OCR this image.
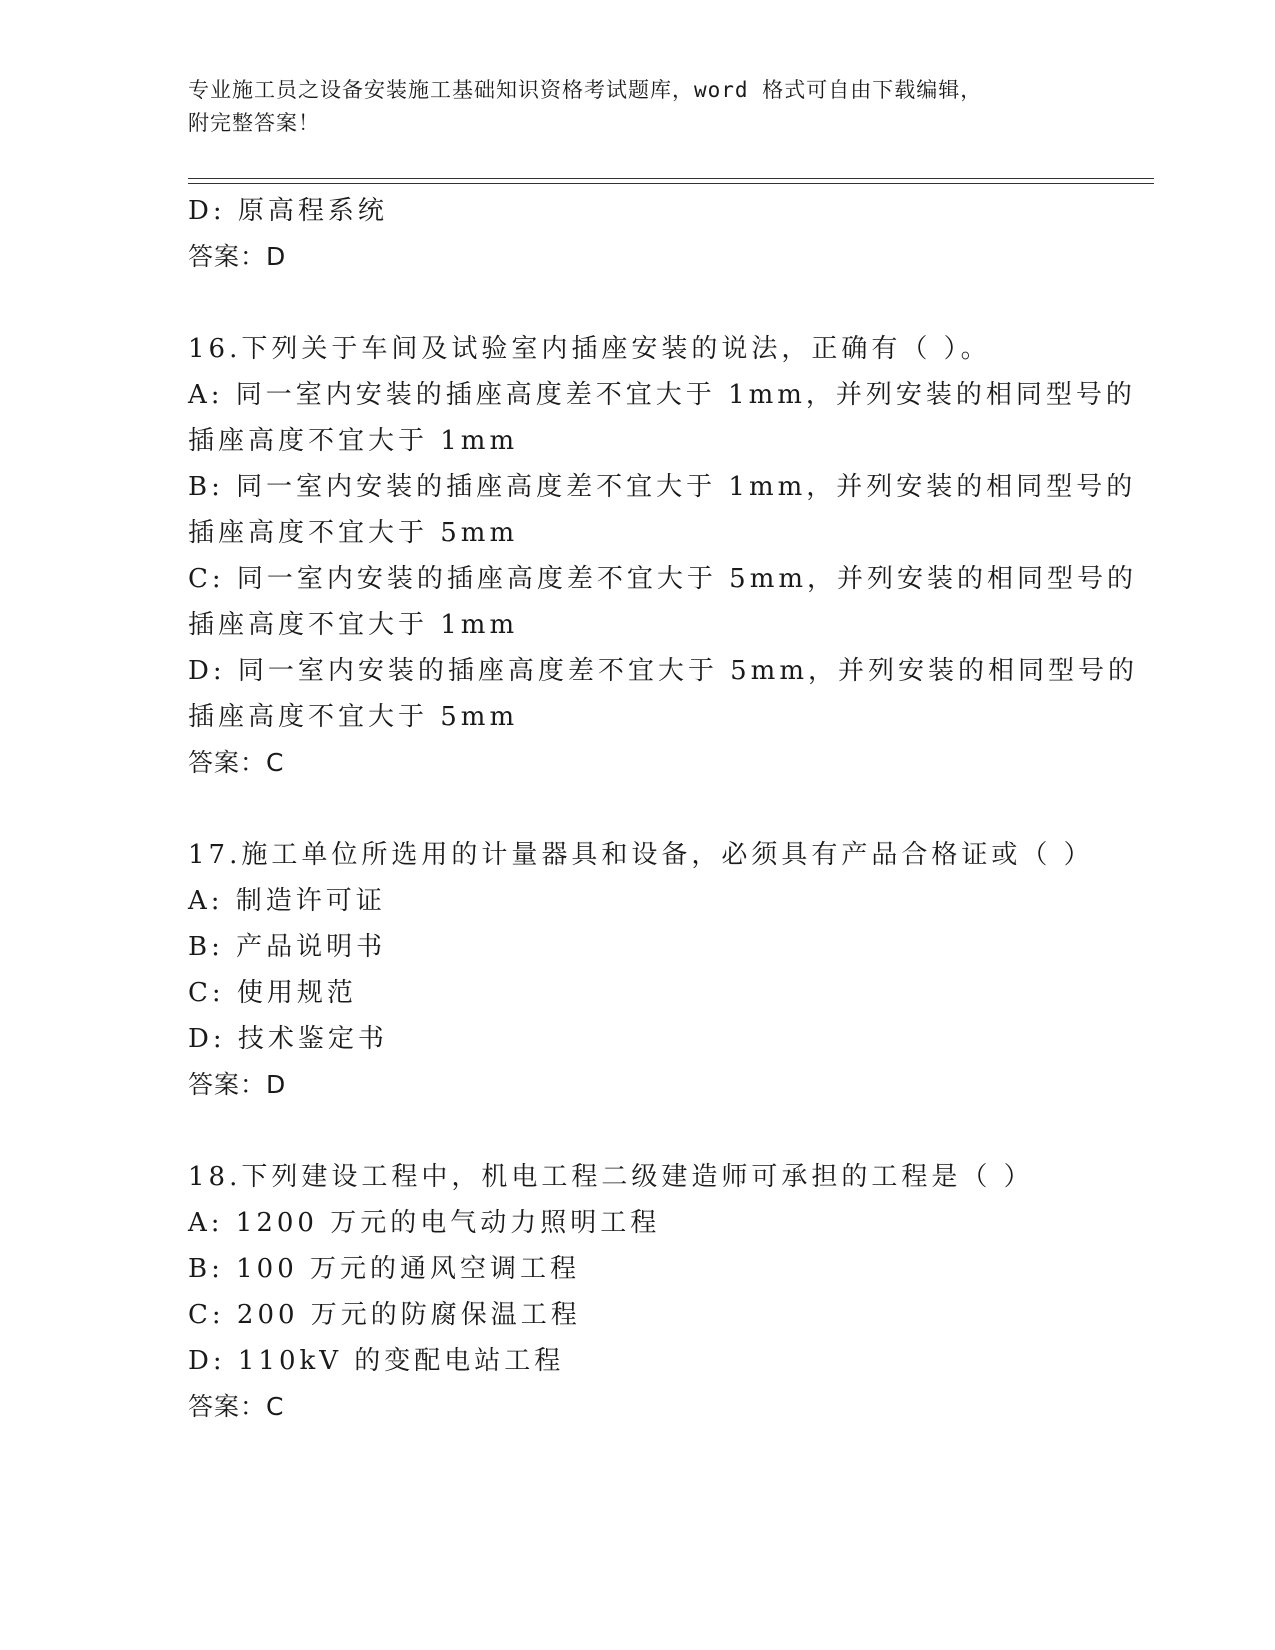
专业施工员之设备安装施工基础知识资格考试题库，word 格式可自由下载编辑，
附完整答案！
D: 原高程系统
答案：D
16.下列关于车间及试验室内插座安装的说法，正确有（ ）。
A: 同一室内安装的插座高度差不宜大于 1mm，并列安装的相同型号的
插座高度不宜大于 1mm
B: 同一室内安装的插座高度差不宜大于 1mm，并列安装的相同型号的
插座高度不宜大于 5mm
C: 同一室内安装的插座高度差不宜大于 5mm，并列安装的相同型号的
插座高度不宜大于 1mm
D: 同一室内安装的插座高度差不宜大于 5mm，并列安装的相同型号的
插座高度不宜大于 5mm
答案：C
17.施工单位所选用的计量器具和设备，必须具有产品合格证或（ ）
A: 制造许可证
B: 产品说明书
C: 使用规范
D: 技术鉴定书
答案：D
18.下列建设工程中，机电工程二级建造师可承担的工程是（ ）
A: 1200 万元的电气动力照明工程
B: 100 万元的通风空调工程
C: 200 万元的防腐保温工程
D: 110kV 的变配电站工程
答案：C
